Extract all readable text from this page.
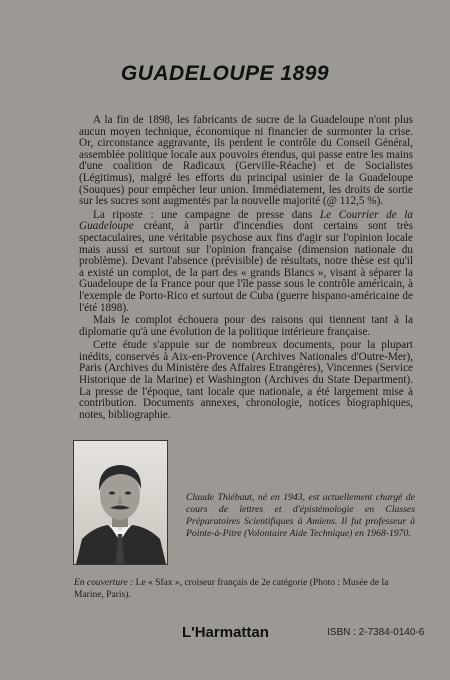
GUADELOUPE 1899

A la fin de 1898, les fabricants de sucre de la Guadeloupe n'ont plus aucun moyen technique, économique ni financier de surmonter la crise. Or, circonstance aggravante, ils perdent le contrôle du Conseil Général, assemblée politique locale aux pouvoirs étendus, qui passe entre les mains d'une coalition de Radicaux (Gerville-Réache) et de Socialistes (Légitimus), malgré les efforts du principal usinier de la Guadeloupe (Souques) pour empêcher leur union. Immédiatement, les droits de sortie sur les sucres sont augmentés par la nouvelle majorité (@ 112,5 %).

La riposte : une campagne de presse dans Le Courrier de la Guadeloupe créant, à partir d'incendies dont certains sont très spectaculaires, une véritable psychose aux fins d'agir sur l'opinion locale mais aussi et surtout sur l'opinion française (dimension nationale du problème). Devant l'absence (prévisible) de résultats, notre thèse est qu'il a existé un complot, de la part des « grands Blancs », visant à séparer la Guadeloupe de la France pour que l'île passe sous le contrôle américain, à l'exemple de Porto-Rico et surtout de Cuba (guerre hispano-américaine de l'été 1898).

Mais le complot échouera pour des raisons qui tiennent tant à la diplomatie qu'à une évolution de la politique intérieure française.

Cette étude s'appuie sur de nombreux documents, pour la plupart inédits, conservés à Aix-en-Provence (Archives Nationales d'Outre-Mer), Paris (Archives du Ministère des Affaires Etrangères), Vincennes (Service Historique de la Marine) et Washington (Archives du State Department). La presse de l'époque, tant locale que nationale, a été largement mise à contribution. Documents annexes, chronologie, notices biographiques, notes, bibliographie.

Claude Thiébaut, né en 1943, est actuellement chargé de cours de lettres et d'épistémologie en Classes Préparatoires Scientifiques à Amiens. Il fut professeur à Pointe-à-Pitre (Volontaire Aide Technique) en 1968-1970.
En couverture : Le « Sfax », croiseur français de 2e catégorie (Photo : Musée de la Marine, Paris).
L'Harmattan	ISBN : 2-7384-0140-6
